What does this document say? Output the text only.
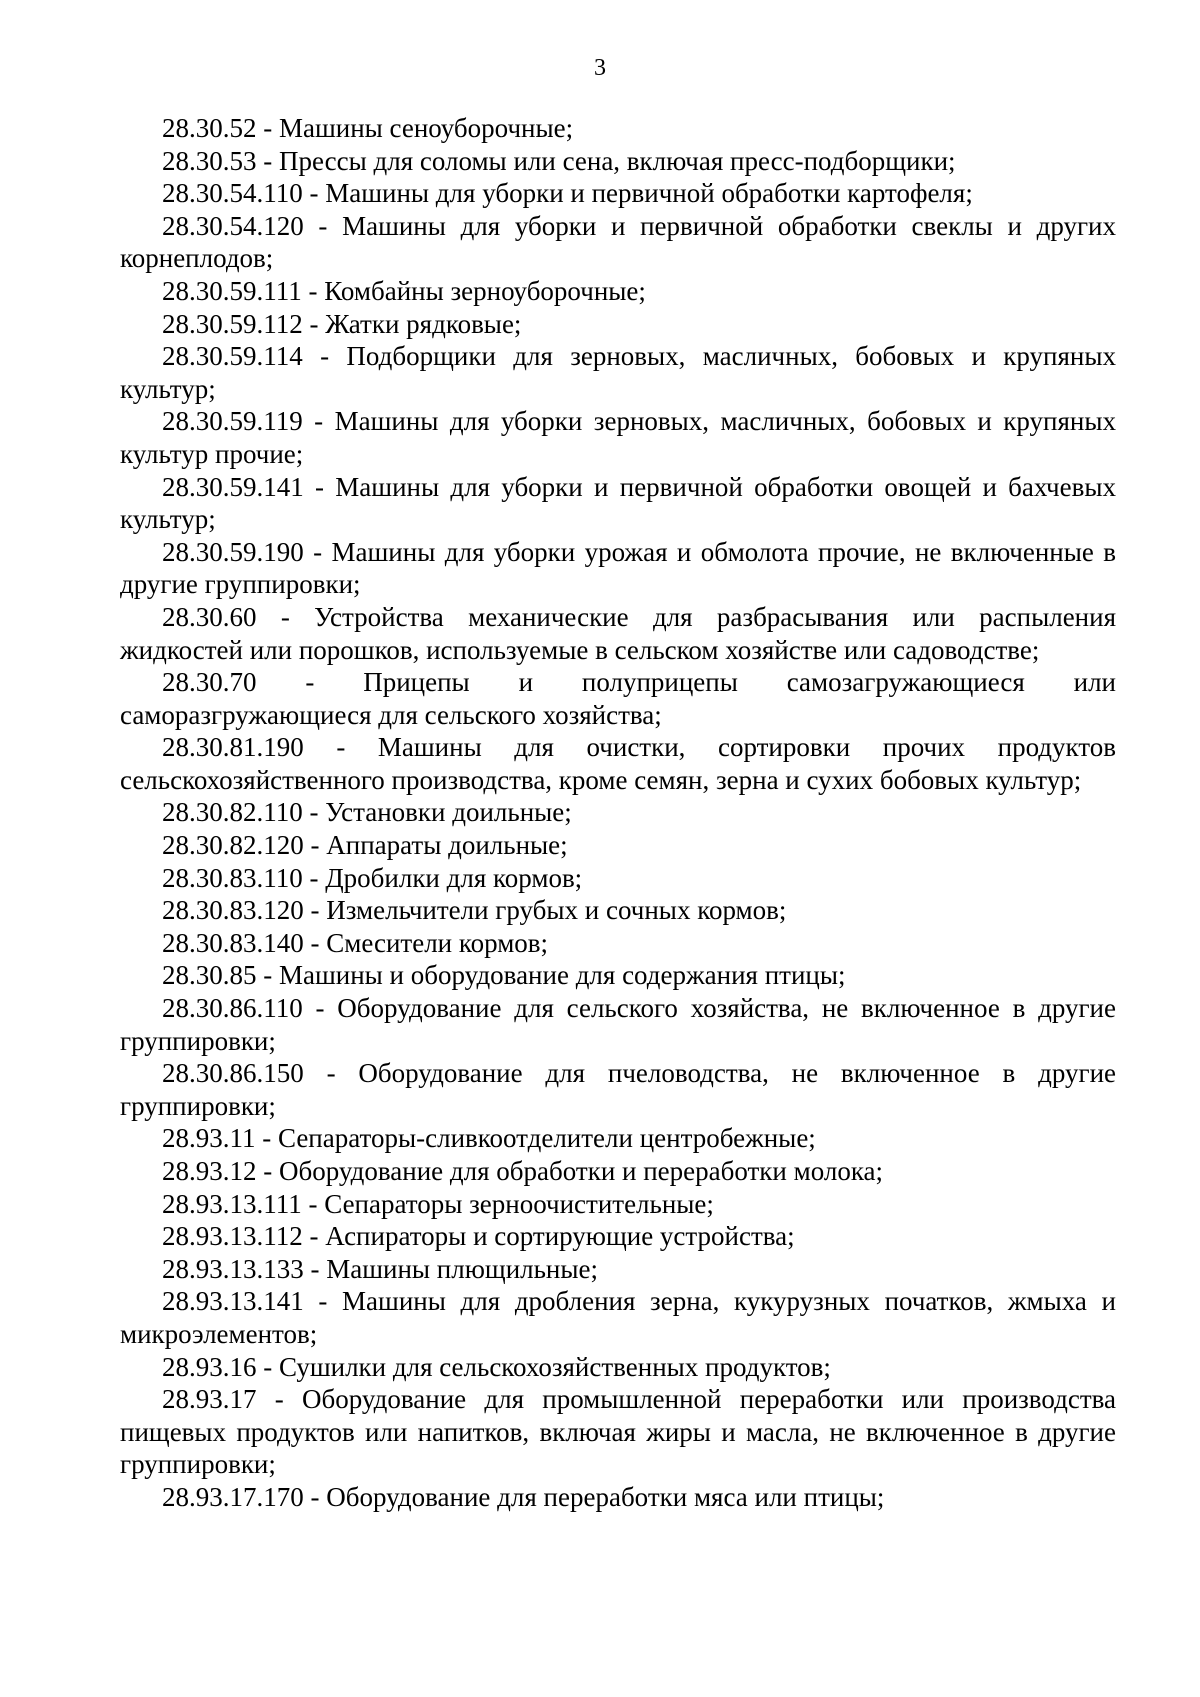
3

28.30.52 - Машины сеноуборочные;

28.30.53 - Прессы для соломы или сена, включая пресс-подборщики;

28.30.54.110 - Машины для уборки и первичной обработки картофеля;

28.30.54.120 - Машины для уборки и первичной обработки свеклы и других корнеплодов;

28.30.59.111 - Комбайны зерноуборочные;

28.30.59.112 - Жатки рядковые;

28.30.59.114 - Подборщики для зерновых, масличных, бобовых и крупяных культур;

28.30.59.119 - Машины для уборки зерновых, масличных, бобовых и крупяных культур прочие;

28.30.59.141 - Машины для уборки и первичной обработки овощей и бахчевых культур;

28.30.59.190 - Машины для уборки урожая и обмолота прочие, не включенные в другие группировки;

28.30.60 - Устройства механические для разбрасывания или распыления жидкостей или порошков, используемые в сельском хозяйстве или садоводстве;

28.30.70 - Прицепы и полуприцепы самозагружающиеся или саморазгружающиеся для сельского хозяйства;

28.30.81.190 - Машины для очистки, сортировки прочих продуктов сельскохозяйственного производства, кроме семян, зерна и сухих бобовых культур;

28.30.82.110 - Установки доильные;

28.30.82.120 - Аппараты доильные;

28.30.83.110 - Дробилки для кормов;

28.30.83.120 - Измельчители грубых и сочных кормов;

28.30.83.140 - Смесители кормов;

28.30.85 - Машины и оборудование для содержания птицы;

28.30.86.110 - Оборудование для сельского хозяйства, не включенное в другие группировки;

28.30.86.150 - Оборудование для пчеловодства, не включенное в другие группировки;

28.93.11 - Сепараторы-сливкоотделители центробежные;

28.93.12 - Оборудование для обработки и переработки молока;

28.93.13.111 - Сепараторы зерноочистительные;

28.93.13.112 - Аспираторы и сортирующие устройства;

28.93.13.133 - Машины плющильные;

28.93.13.141 - Машины для дробления зерна, кукурузных початков, жмыха и микроэлементов;

28.93.16 - Сушилки для сельскохозяйственных продуктов;

28.93.17 - Оборудование для промышленной переработки или производства пищевых продуктов или напитков, включая жиры и масла, не включенное в другие группировки;

28.93.17.170 - Оборудование для переработки мяса или птицы;
